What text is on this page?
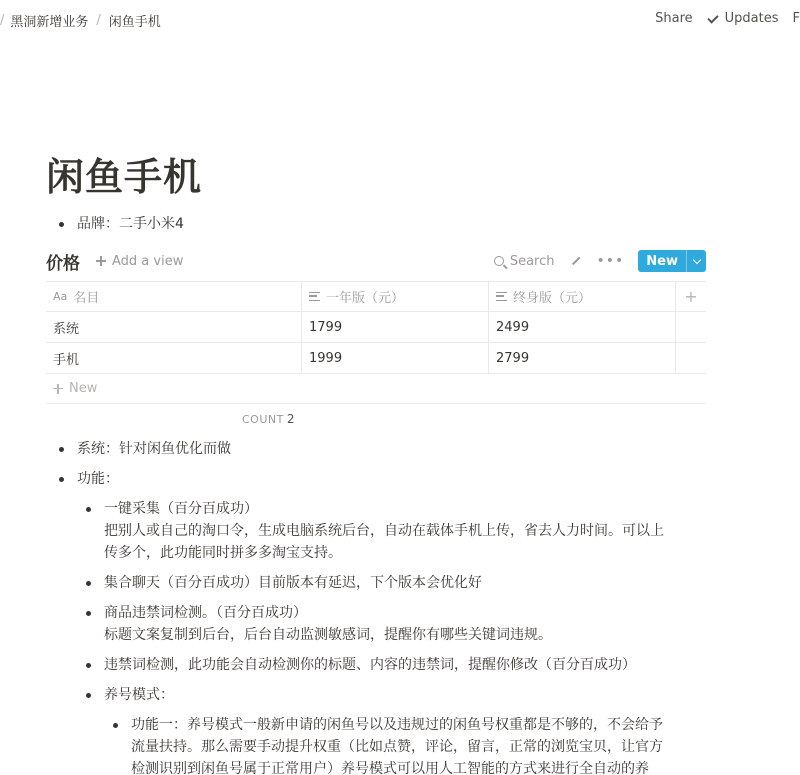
/ 黑洞新增业务 / 闲鱼手机	Share Updates F
闲鱼手机
品牌：二手小米4
价格 Add a view	Search	•••	New
Aa 名目	一年版（元）	终身版（元）	+
系统	1799	2499
手机	1999	2799
New
COUNT 2
系统：针对闲鱼优化而做
功能：
一键采集（百分百成功）
把别人或自己的淘口令，生成电脑系统后台，自动在载体手机上传，省去人力时间。可以上
传多个，此功能同时拼多多淘宝支持。
集合聊天（百分百成功）目前版本有延迟，下个版本会优化好
商品违禁词检测。（百分百成功）
标题文案复制到后台，后台自动监测敏感词，提醒你有哪些关键词违规。
违禁词检测，此功能会自动检测你的标题、内容的违禁词，提醒你修改（百分百成功）
养号模式：
功能一：养号模式一般新申请的闲鱼号以及违规过的闲鱼号权重都是不够的，不会给予
流量扶持。那么需要手动提升权重（比如点赞，评论，留言，正常的浏览宝贝，让官方
检测识别到闲鱼号属于正常用户）养号模式可以用人工智能的方式来进行全自动的养
